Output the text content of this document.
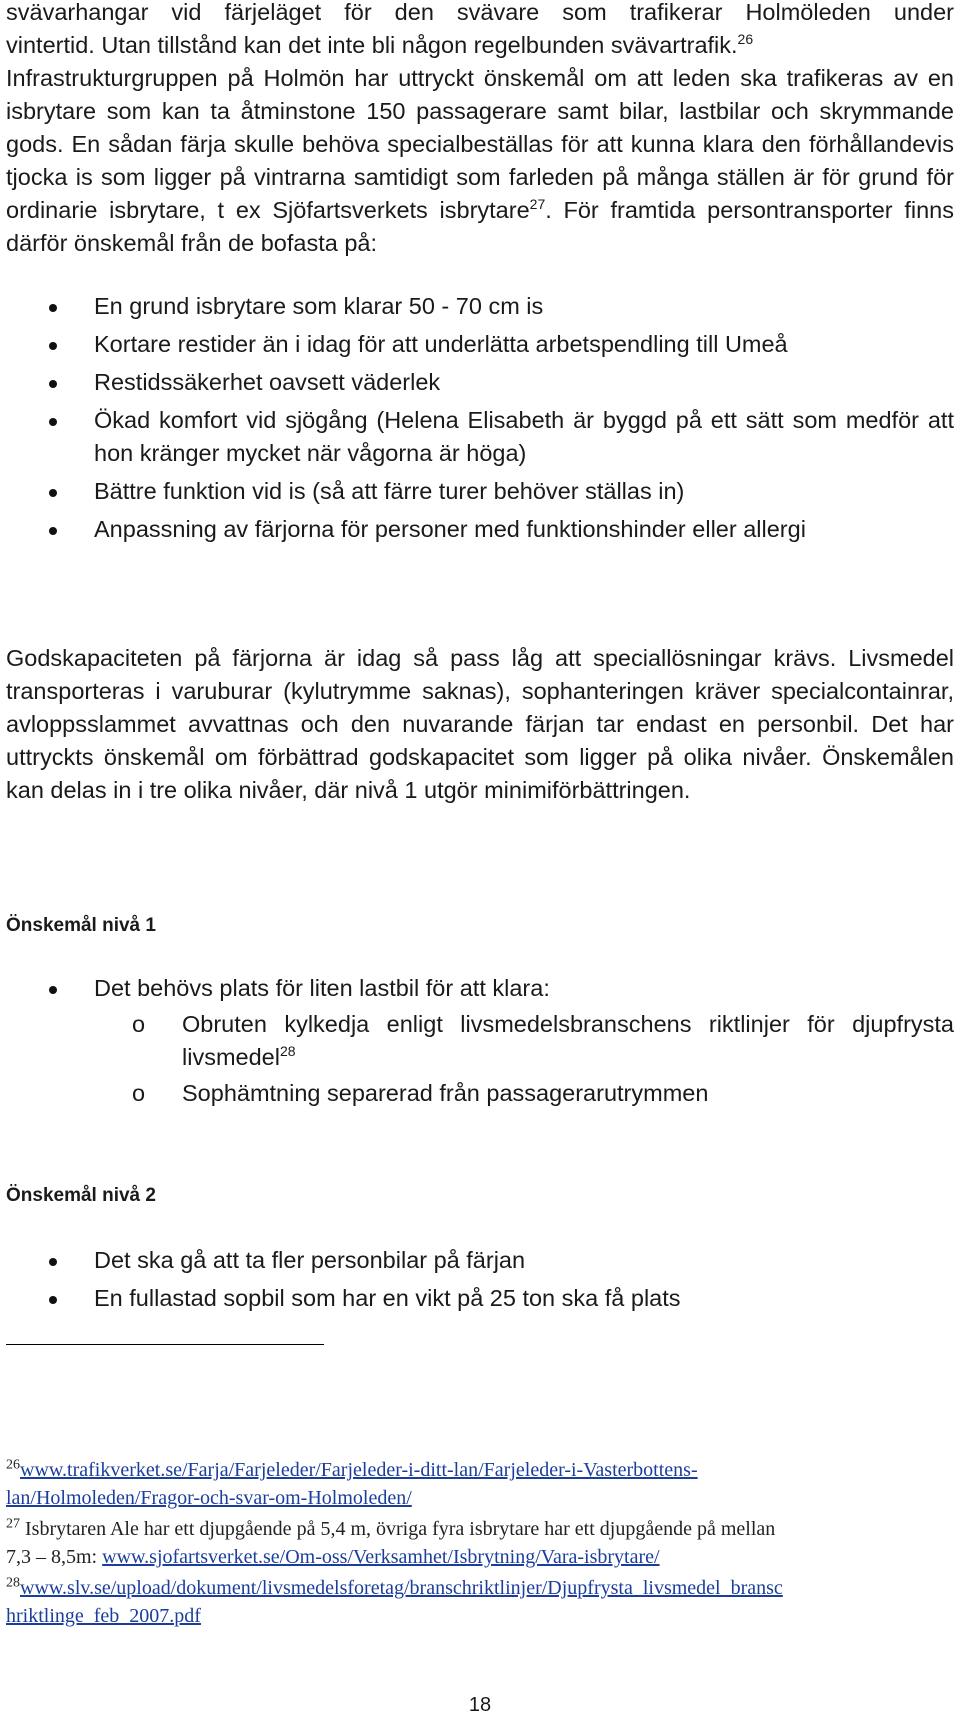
svävarhangar vid färjeläget för den svävare som trafikerar Holmöleden under

vintertid. Utan tillstånd kan det inte bli någon regelbunden svävartrafik.$^{26}$

Infrastrukturgruppen på Holmön har uttryckt önskemål om att leden ska trafikeras av en isbrytare som kan ta åtminstone 150 passagerare samt bilar, lastbilar och skrymmande gods. En sådan färja skulle behöva specialbeställas för att kunna klara den förhållandevis tjocka is som ligger på vintrarna samtidigt som farleden på många ställen är för grund för ordinarie isbrytare, t ex Sjöfartsverkets isbrytare$^{27}$. För framtida persontransporter finns därför önskemål från de bofasta på:

En grund isbrytare som klarar 50 - 70 cm is
Kortare restider än i idag för att underlätta arbetspendling till Umeå
Restidssäkerhet oavsett väderlek
Ökad komfort vid sjögång (Helena Elisabeth är byggd på ett sätt som medför att hon kränger mycket när vågorna är höga)
Bättre funktion vid is (så att färre turer behöver ställas in)
Anpassning av färjorna för personer med funktionshinder eller allergi

Godskapaciteten på färjorna är idag så pass låg att speciallösningar krävs. Livsmedel transporteras i varuburar (kylutrymme saknas), sophanteringen kräver specialcontainrar, avloppsslammet avvattnas och den nuvarande färjan tar endast en personbil. Det har uttryckts önskemål om förbättrad godskapacitet som ligger på olika nivåer. Önskemålen kan delas in i tre olika nivåer, där nivå 1 utgör minimiförbättringen.

Önskemål nivå 1
Det behövs plats för liten lastbil för att klara:
o Obruten kylkedja enligt livsmedelsbranschens riktlinjer för djupfrysta livsmedel$^{28}$
o Sophämtning separerad från passagerarutrymmen
Önskemål nivå 2
Det ska gå att ta fler personbilar på färjan
En fullastad sopbil som har en vikt på 25 ton ska få plats
$^{26}$www.trafikverket.se/Farja/Farjeleder/Farjeleder-i-ditt-lan/Farjeleder-i-Vasterbottens-
lan/Holmoleden/Fragor-och-svar-om-Holmoleden/
$^{27}$ Isbrytaren Ale har ett djupgående på 5,4 m, övriga fyra isbrytare har ett djupgående på mellan
7,3 – 8,5m: www.sjofartsverket.se/Om-oss/Verksamhet/Isbrytning/Vara-isbrytare/
$^{28}$www.slv.se/upload/dokument/livsmedelsforetag/branschriktlinjer/Djupfrysta_livsmedel_bransc
hriktlinge_feb_2007.pdf
18
